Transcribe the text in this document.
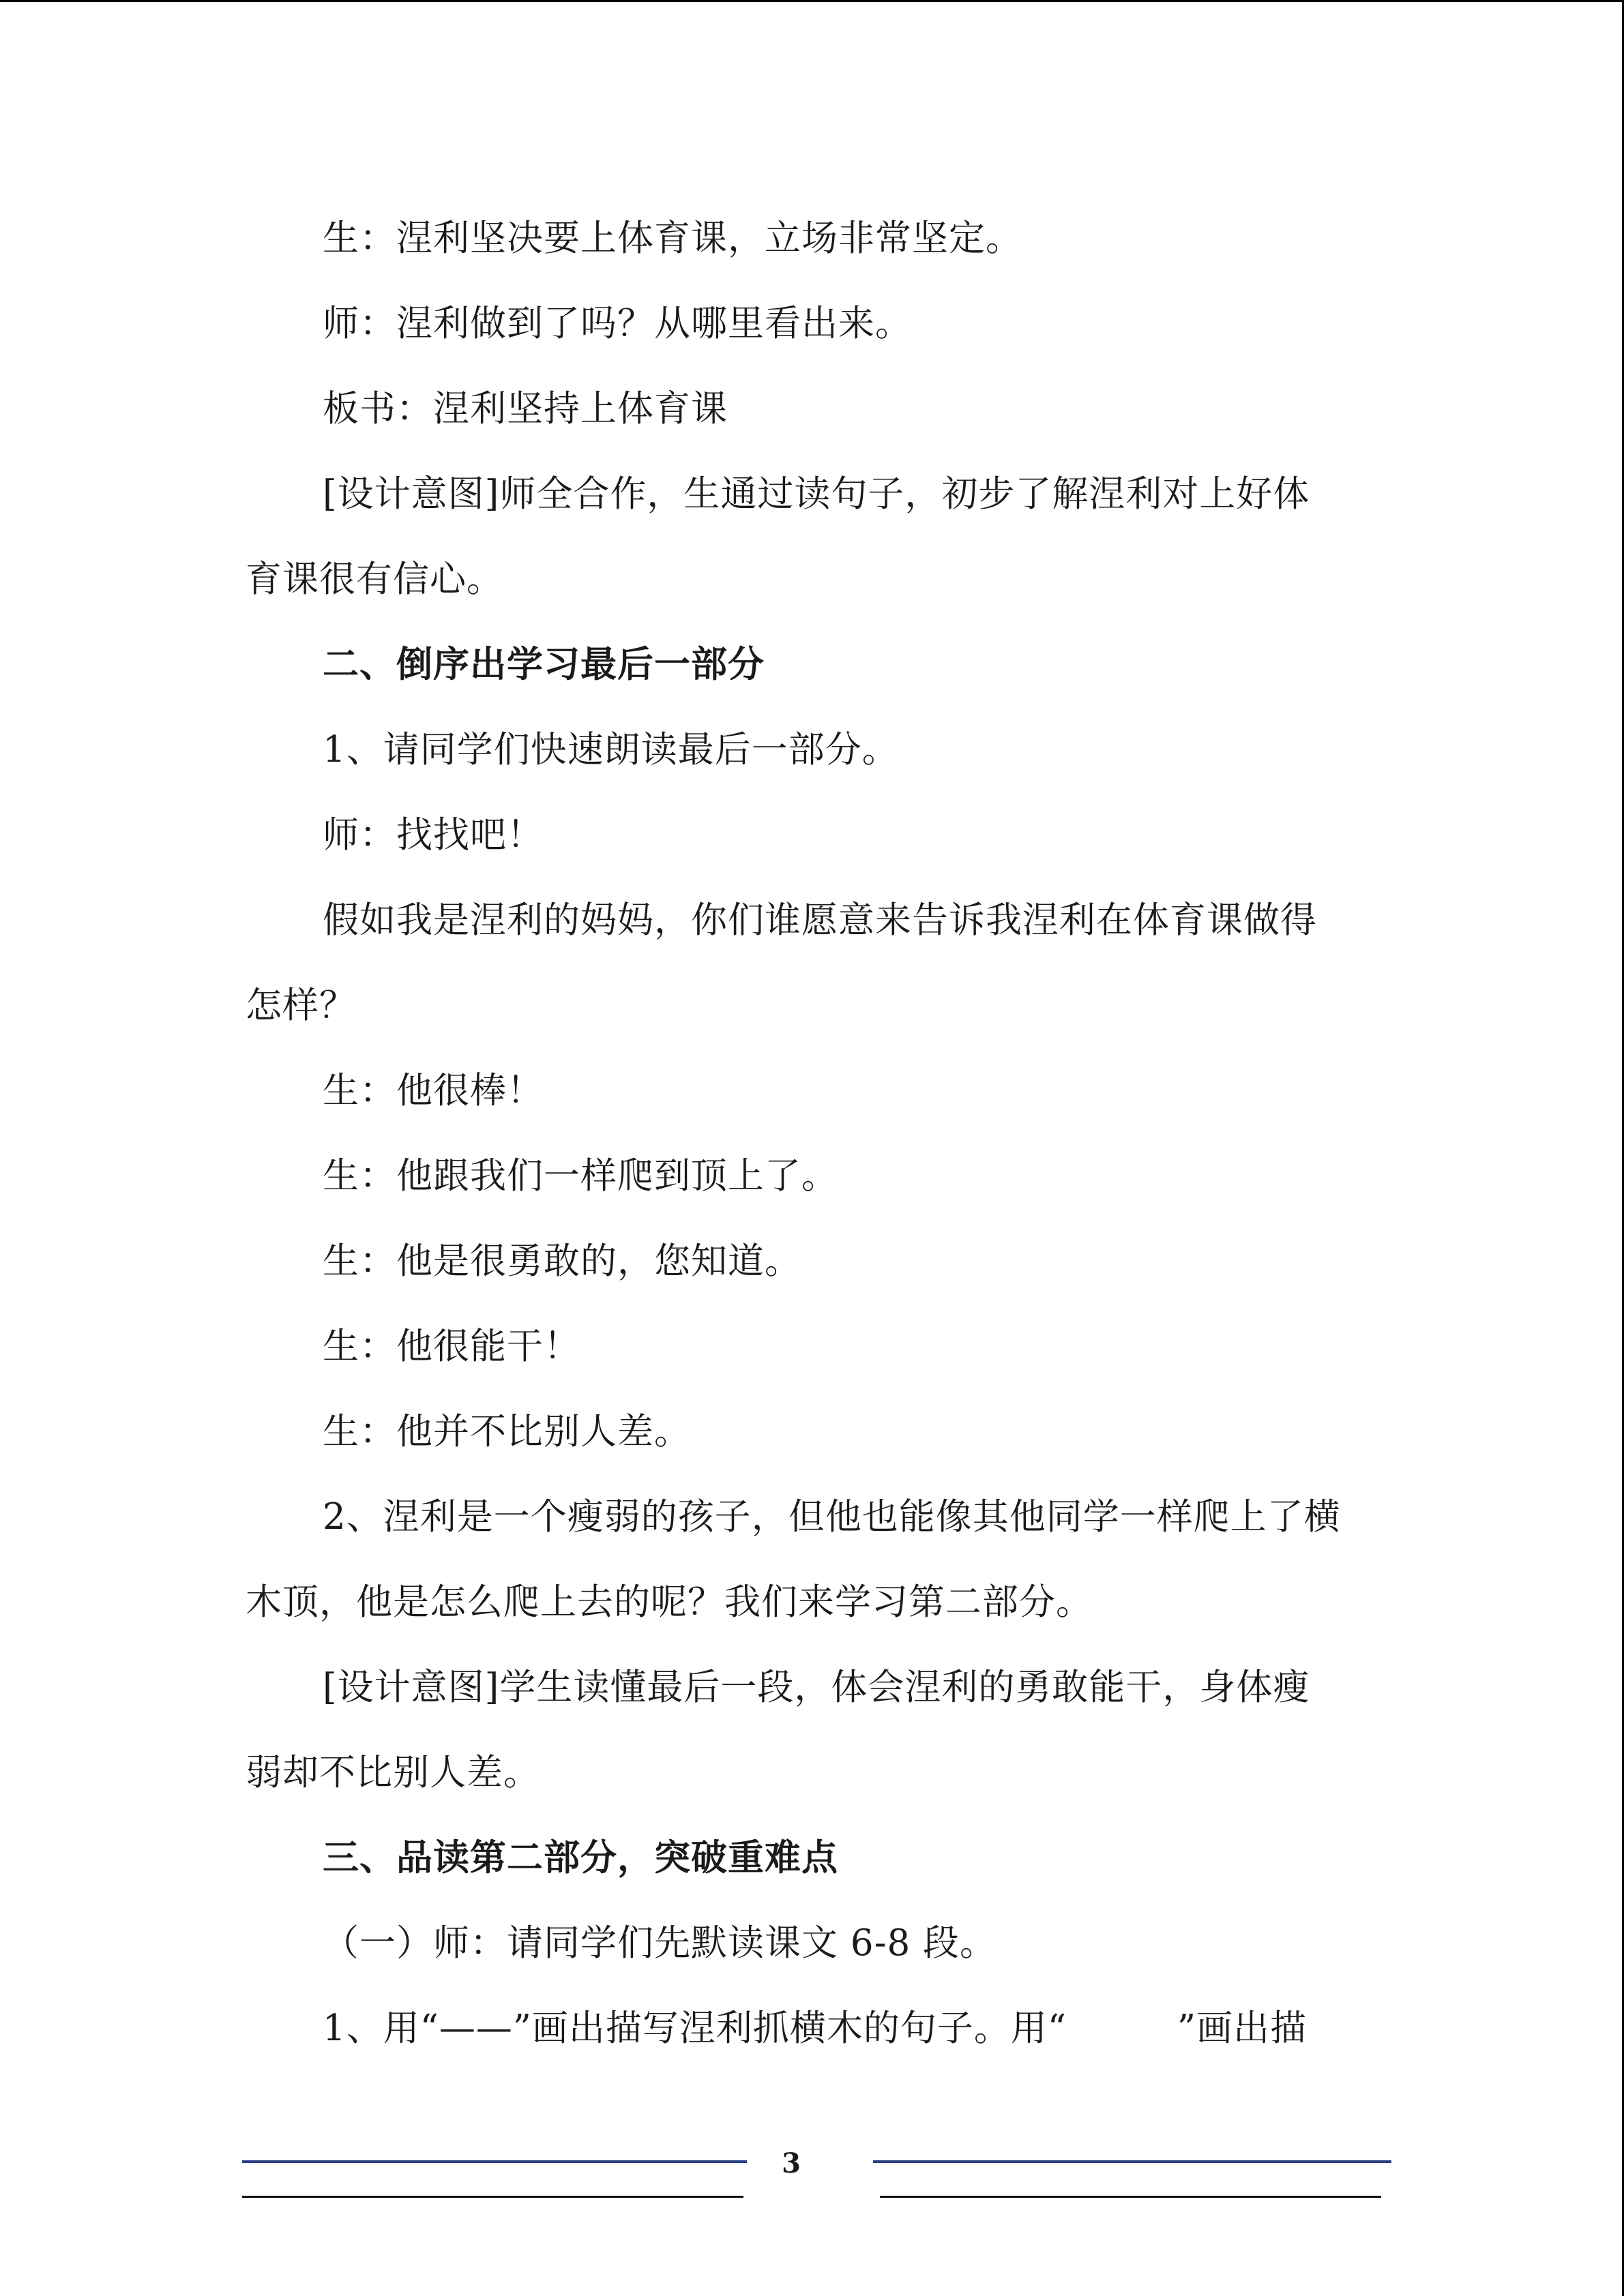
生：涅利坚决要上体育课，立场非常坚定。
师：涅利做到了吗？从哪里看出来。
板书：涅利坚持上体育课
[设计意图]师全合作，生通过读句子，初步了解涅利对上好体
育课很有信心。
二、倒序出学习最后一部分
1、请同学们快速朗读最后一部分。
师：找找吧！
假如我是涅利的妈妈，你们谁愿意来告诉我涅利在体育课做得
怎样？
生：他很棒！
生：他跟我们一样爬到顶上了。
生：他是很勇敢的，您知道。
生：他很能干！
生：他并不比别人差。
2、涅利是一个瘦弱的孩子，但他也能像其他同学一样爬上了横
木顶，他是怎么爬上去的呢？我们来学习第二部分。
[设计意图]学生读懂最后一段，体会涅利的勇敢能干，身体瘦
弱却不比别人差。
三、品读第二部分，突破重难点
（一）师：请同学们先默读课文 6-8 段。
1、用“——”画出描写涅利抓横木的句子。用“　　　”画出描
3
